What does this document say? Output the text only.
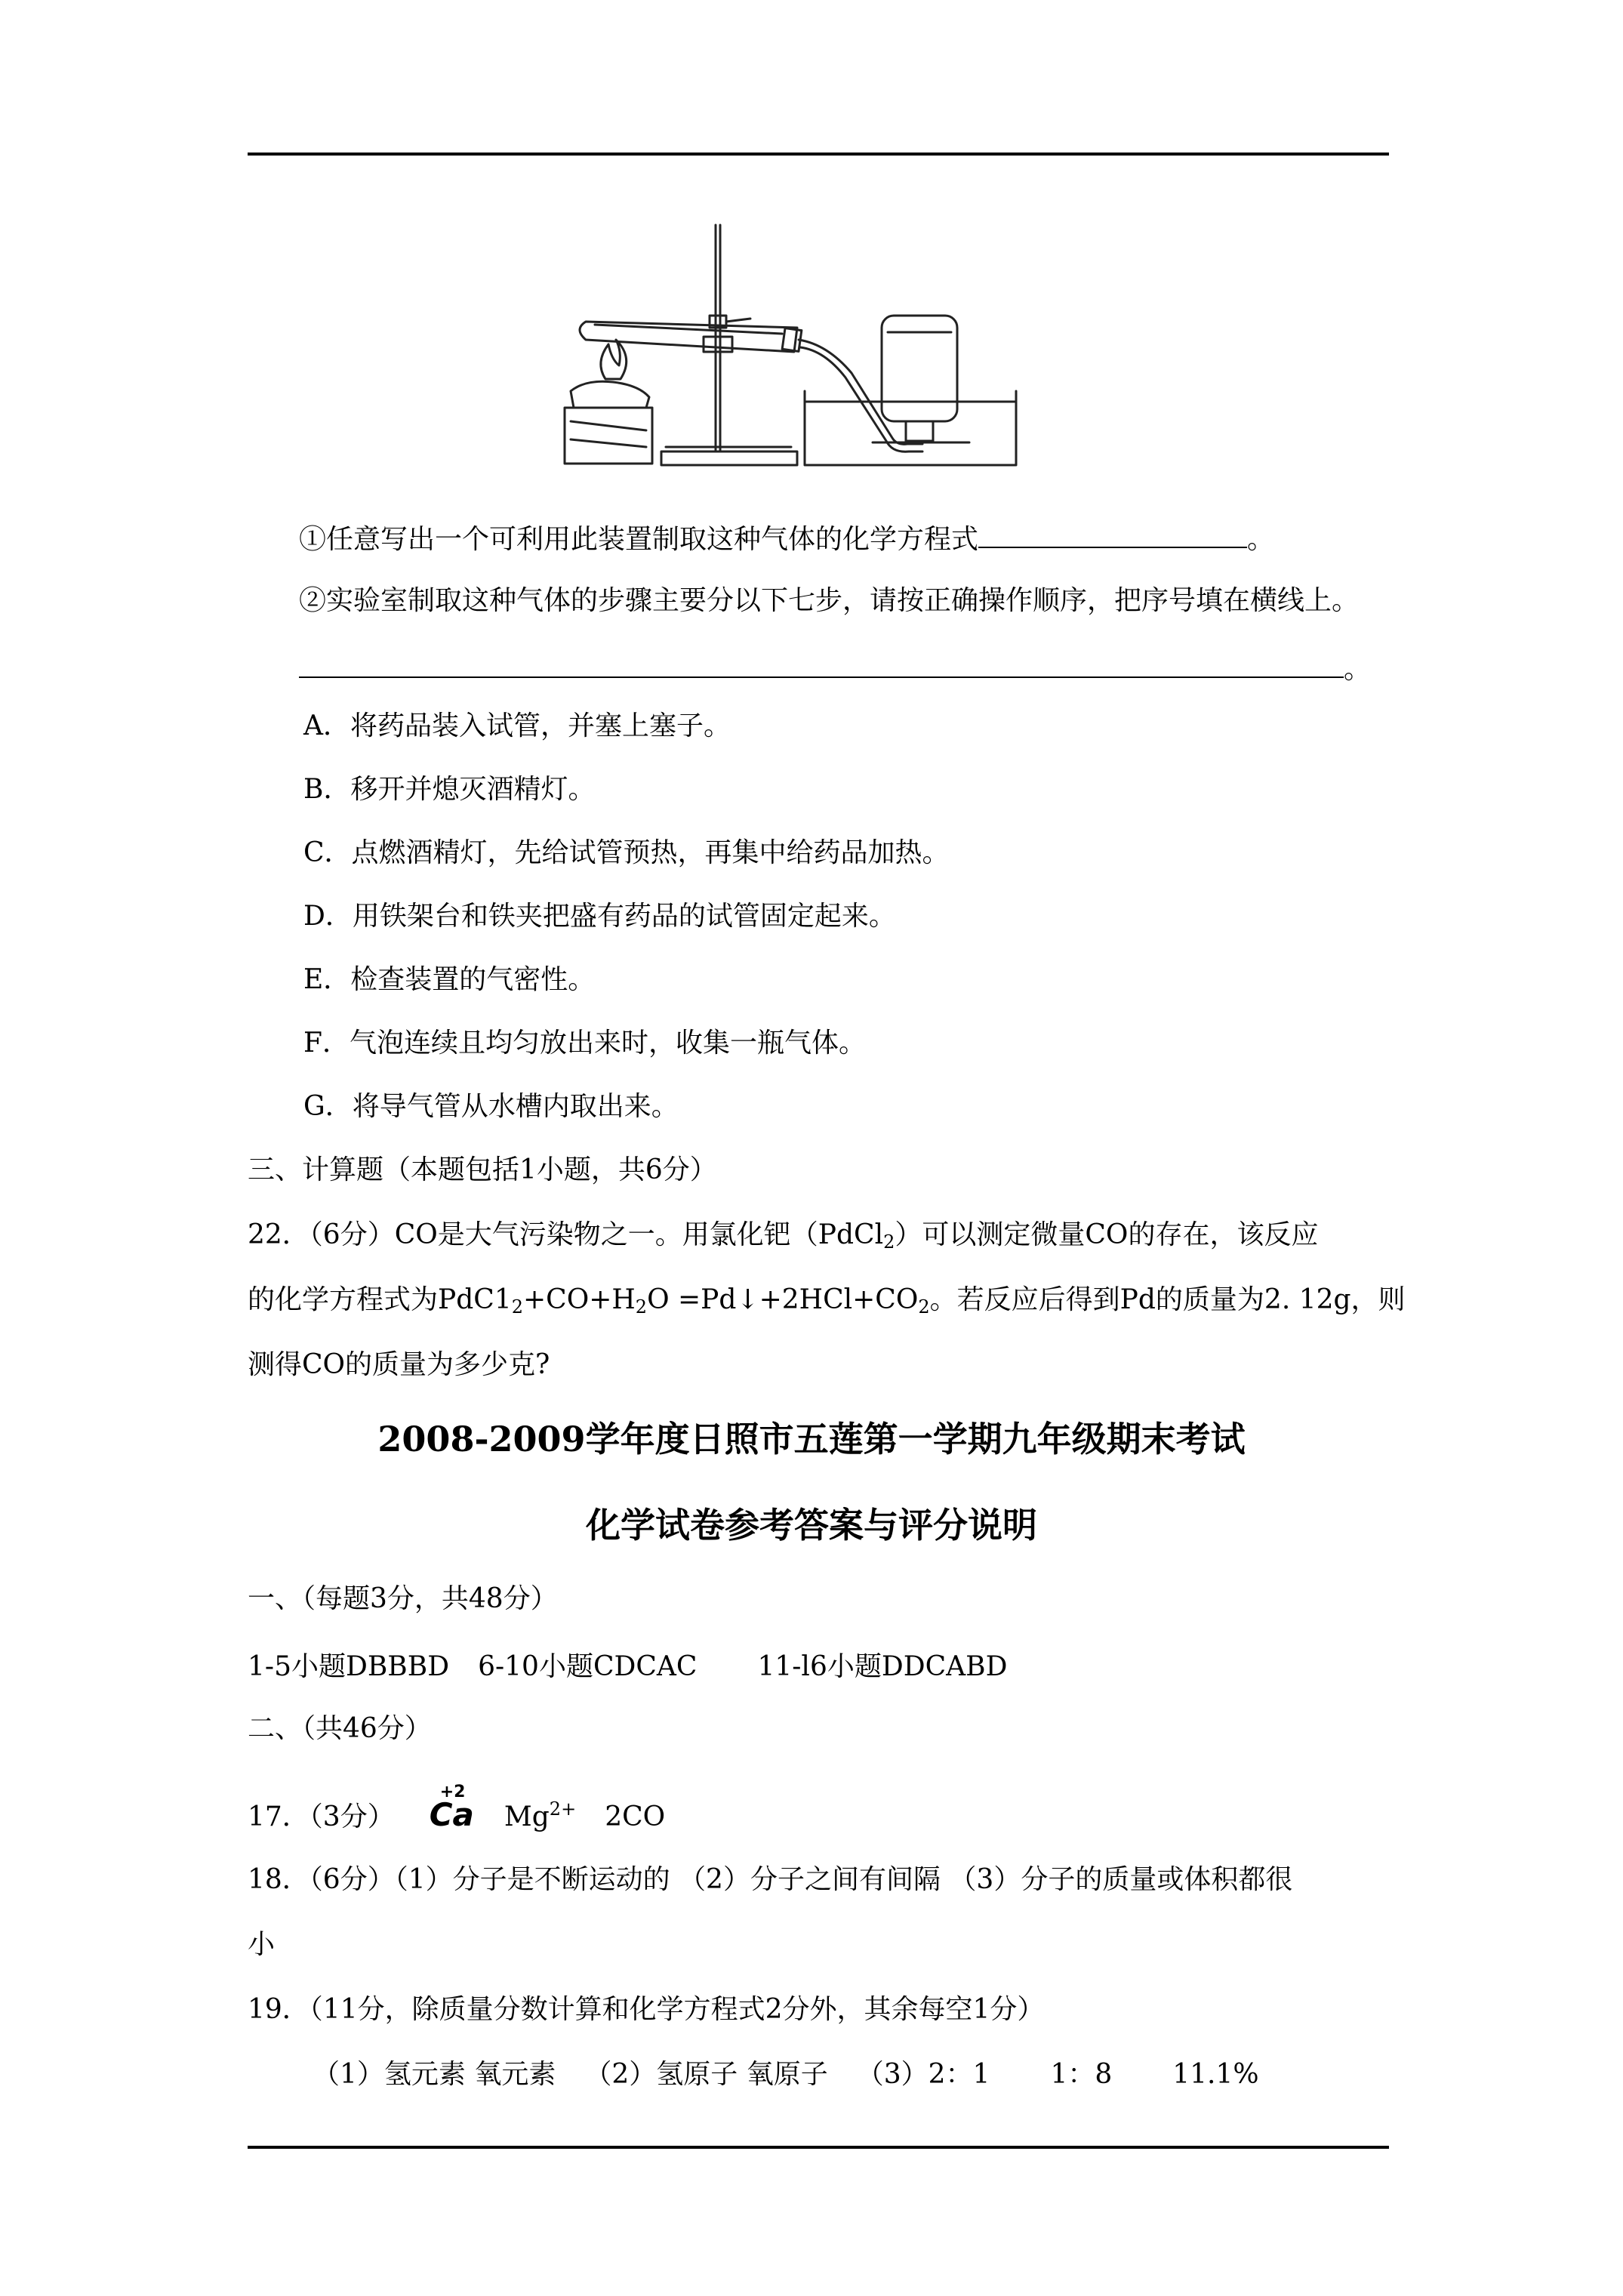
①任意写出一个可利用此装置制取这种气体的化学方程式	。
②实验室制取这种气体的步骤主要分以下七步，请按正确操作顺序，把序号填在横线上。
。
A．将药品装入试管，并塞上塞子。
B．移开并熄灭酒精灯。
C．点燃酒精灯，先给试管预热，再集中给药品加热。
D．用铁架台和铁夹把盛有药品的试管固定起来。
E．检查装置的气密性。
F．气泡连续且均匀放出来时，收集一瓶气体。
G．将导气管从水槽内取出来。
三、计算题（本题包括1小题，共6分）
22．（6分）CO是大气污染物之一。用氯化钯（PdCl$_2$）可以测定微量CO的存在，该反应
的化学方程式为$PdC1_2+CO+H_2O$ $=Pd↓+2HCl+CO_2$。若反应后得到Pd的质量为2. 12g，则
测得CO的质量为多少克?
2008-2009学年度日照市五莲第一学期九年级期末考试
化学试卷参考答案与评分说明
一、（每题3分，共48分）
1-5小题DBBBD 6-10小题CDCAC 11-l6小题DDCABD
二、（共46分）
17．（3分）
+2
Ca $Mg^{2+}$ 2CO
18．（6分）（1）分子是不断运动的 （2）分子之间有间隔 （3）分子的质量或体积都很
小
19．（11分，除质量分数计算和化学方程式2分外，其余每空1分）
（1）氢元素 氧元素 （2）氢原子 氧原子 （3）2：1 1：8 11.1%
